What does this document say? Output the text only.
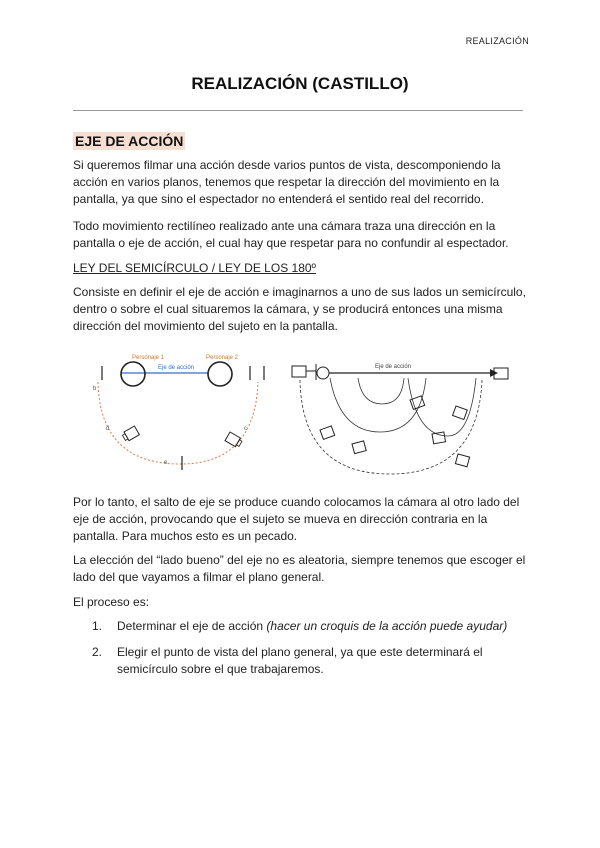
REALIZACIÓN
REALIZACIÓN (CASTILLO)
EJE DE ACCIÓN

Si queremos filmar una acción desde varios puntos de vista, descomponiendo la acción en varios planos, tenemos que respetar la dirección del movimiento en la pantalla, ya que sino el espectador no entenderá el sentido real del recorrido.

Todo movimiento rectilíneo realizado ante una cámara traza una dirección en la pantalla o eje de acción, el cual hay que respetar para no confundir al espectador.

LEY DEL SEMICÍRCULO / LEY DE LOS 180º

Consiste en definir el eje de acción e imaginarnos a uno de sus lados un semicírculo, dentro o sobre el cual situaremos la cámara, y se producirá entonces una misma dirección del movimiento del sujeto en la pantalla.

Personaje 1	Personaje 2
Eje de acción
b
d	c
e
Eje de acción

Por lo tanto, el salto de eje se produce cuando colocamos la cámara al otro lado del eje de acción, provocando que el sujeto se mueva en dirección contraria en la pantalla. Para muchos esto es un pecado.

La elección del “lado bueno” del eje no es aleatoria, siempre tenemos que escoger el lado del que vayamos a filmar el plano general.

El proceso es:

1. Determinar el eje de acción (hacer un croquis de la acción puede ayudar)
2. Elegir el punto de vista del plano general, ya que este determinará el semicírculo sobre el que trabajaremos.
